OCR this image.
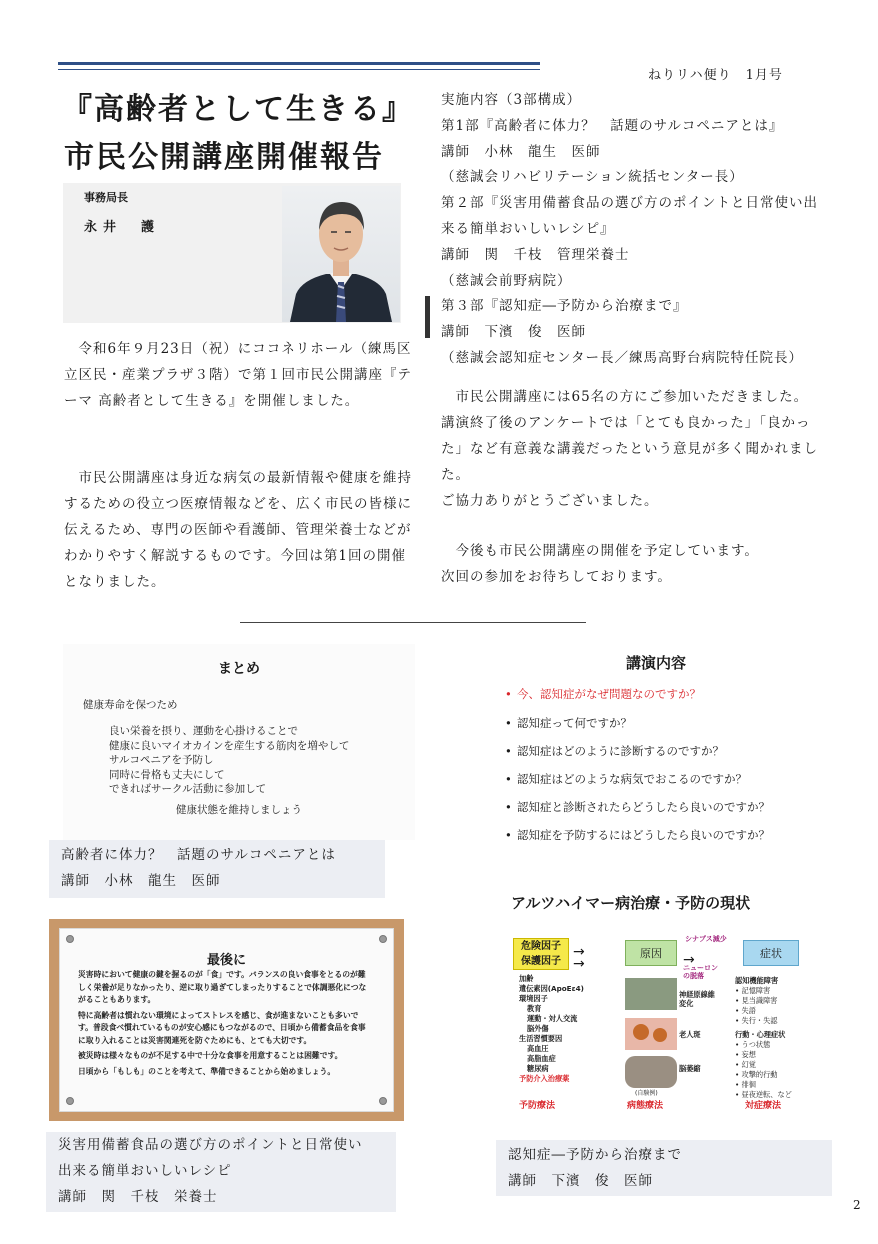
ねりリハ便り　1月号
『高齢者として生きる』
市民公開講座開催報告
事務局長
永井　護
　令和6年９月23日（祝）にココネリホール（練馬区立区民・産業プラザ３階）で第１回市民公開講座『テーマ 高齢者として生きる』を開催しました。
　市民公開講座は身近な病気の最新情報や健康を維持するための役立つ医療情報などを、広く市民の皆様に伝えるため、専門の医師や看護師、管理栄養士などがわかりやすく解説するものです。今回は第1回の開催となりました。
実施内容（3部構成）
第1部『高齢者に体力？　話題のサルコペニアとは』
講師　小林　龍生　医師
（慈誠会リハビリテーション統括センター長）
第２部『災害用備蓄食品の選び方のポイントと日常使い出来る簡単おいしいレシピ』
講師　関　千枝　管理栄養士
（慈誠会前野病院）
第３部『認知症―予防から治療まで』
講師　下濱　俊　医師
（慈誠会認知症センター長／練馬高野台病院特任院長）
　市民公開講座には65名の方にご参加いただきました。講演終了後のアンケートでは「とても良かった」「良かった」など有意義な講義だったという意見が多く聞かれました。
ご協力ありがとうございました。
　今後も市民公開講座の開催を予定しています。
次回の参加をお待ちしております。
まとめ
健康寿命を保つため
良い栄養を摂り、運動を心掛けることで
健康に良いマイオカインを産生する筋肉を増やして
サルコペニアを予防し
同時に骨格も丈夫にして
できればサークル活動に参加して
健康状態を維持しましょう
高齢者に体力？　話題のサルコペニアとは
講師　小林　龍生　医師
講演内容
• 今、認知症がなぜ問題なのですか？
• 認知症って何ですか？
• 認知症はどのように診断するのですか？
• 認知症はどのような病気でおこるのですか？
• 認知症と診断されたらどうしたら良いのですか？
• 認知症を予防するにはどうしたら良いのですか？
最後に

災害時において健康の鍵を握るのが「食」です。バランスの良い食事をとるのが難しく栄養が足りなかったり、逆に取り過ぎてしまったりすることで体調悪化につながることもあります。

特に高齢者は慣れない環境によってストレスを感じ、食が進まないことも多いです。普段食べ慣れているものが安心感にもつながるので、日頃から備蓄食品を食事に取り入れることは災害関連死を防ぐためにも、とても大切です。

被災時は様々なものが不足する中で十分な食事を用意することは困難です。

日頃から「もしも」のことを考えて、準備できることから始めましょう。

災害用備蓄食品の選び方のポイントと日常使い
出来る簡単おいしいレシピ
講師　関　千枝　栄養士
アルツハイマー病治療・予防の現状
危険因子
保護因子
→
→
原因
シナプス減少
→
ニューロン
の脱落
症状
加齢
遺伝素因(ApoEε4)
環境因子
教育
運動・対人交流
脳外傷
生活習慣要因
高血圧
高脂血症
糖尿病
予防介入治療薬
神経原線維
変化
老人斑
脳萎縮
(自験例)
認知機能障害
• 記憶障害
• 見当識障害
• 失語
• 失行・失認
行動・心理症状
• うつ状態
• 妄想
• 幻覚
• 攻撃的行動
• 徘徊
• 昼夜逆転、など
予防療法	病態療法	対症療法
認知症―予防から治療まで
講師　下濱　俊　医師
2
